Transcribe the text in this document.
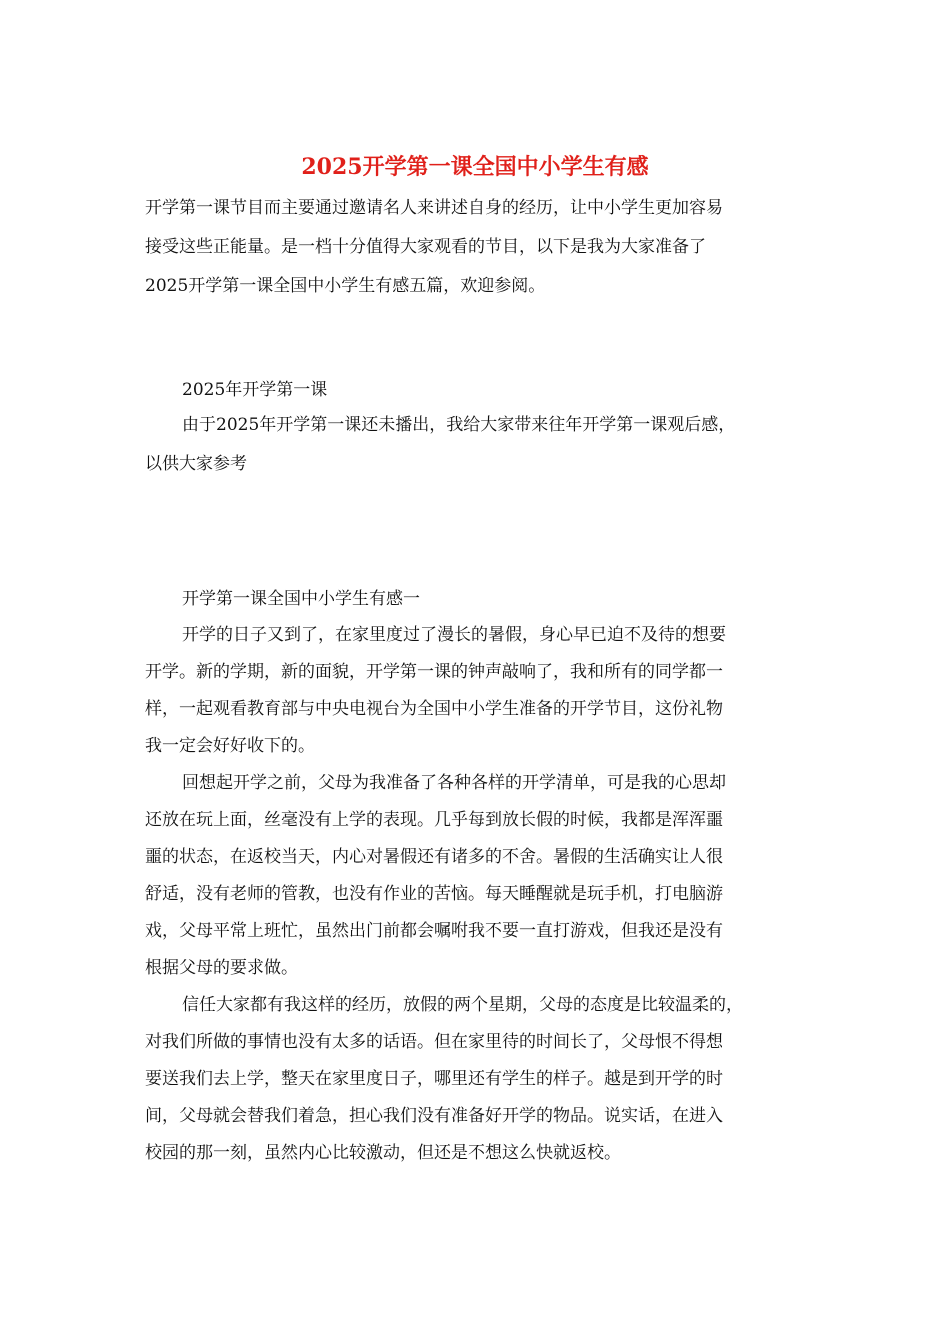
2025开学第一课全国中小学生有感
开学第一课节目而主要通过邀请名人来讲述自身的经历，让中小学生更加容易
接受这些正能量。是一档十分值得大家观看的节目，以下是我为大家准备了
2025开学第一课全国中小学生有感五篇，欢迎参阅。
2025年开学第一课
由于2025年开学第一课还未播出，我给大家带来往年开学第一课观后感，
以供大家参考
开学第一课全国中小学生有感一
开学的日子又到了，在家里度过了漫长的暑假，身心早已迫不及待的想要
开学。新的学期，新的面貌，开学第一课的钟声敲响了，我和所有的同学都一
样，一起观看教育部与中央电视台为全国中小学生准备的开学节目，这份礼物
我一定会好好收下的。
回想起开学之前，父母为我准备了各种各样的开学清单，可是我的心思却
还放在玩上面，丝毫没有上学的表现。几乎每到放长假的时候，我都是浑浑噩
噩的状态，在返校当天，内心对暑假还有诸多的不舍。暑假的生活确实让人很
舒适，没有老师的管教，也没有作业的苦恼。每天睡醒就是玩手机，打电脑游
戏，父母平常上班忙，虽然出门前都会嘱咐我不要一直打游戏，但我还是没有
根据父母的要求做。
信任大家都有我这样的经历，放假的两个星期，父母的态度是比较温柔的，
对我们所做的事情也没有太多的话语。但在家里待的时间长了，父母恨不得想
要送我们去上学，整天在家里度日子，哪里还有学生的样子。越是到开学的时
间，父母就会替我们着急，担心我们没有准备好开学的物品。说实话，在进入
校园的那一刻，虽然内心比较激动，但还是不想这么快就返校。
